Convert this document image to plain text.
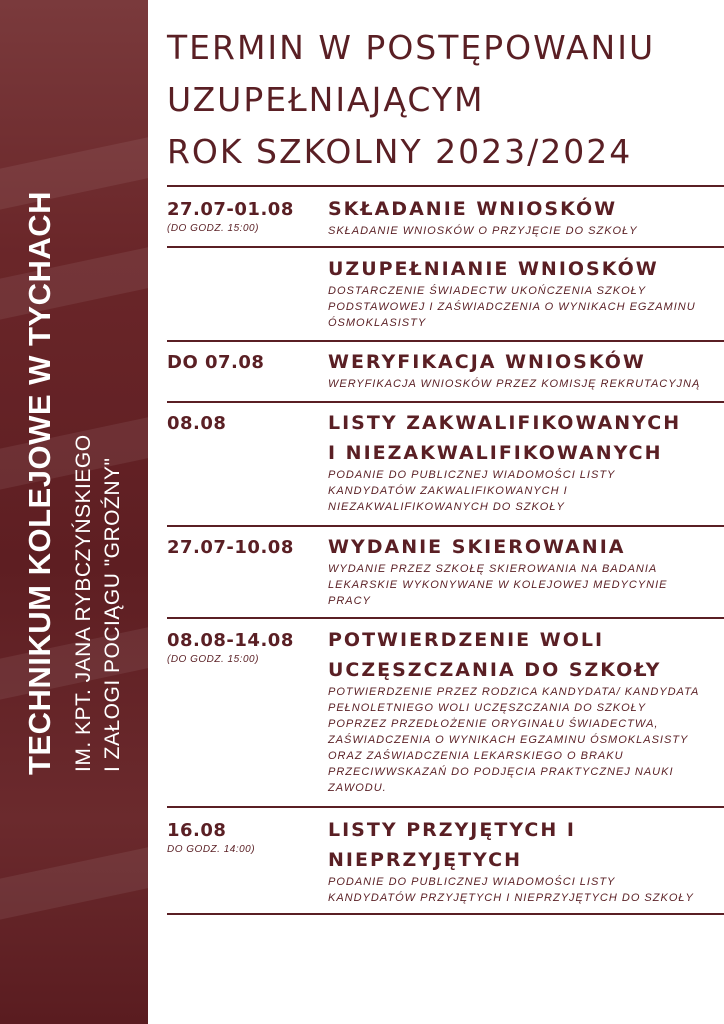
TECHNIKUM KOLEJOWE W TYCHACH IM. KPT. JANA RYBCZYŃSKIEGO I ZAŁOGI POCIĄGU "GROŹNY"
TERMIN W POSTĘPOWANIU
UZUPEŁNIAJĄCYM
ROK SZKOLNY 2023/2024
27.07-01.08
(DO GODZ. 15:00)
SKŁADANIE WNIOSKÓW
SKŁADANIE WNIOSKÓW O PRZYJĘCIE DO SZKOŁY
UZUPEŁNIANIE WNIOSKÓW
DOSTARCZENIE ŚWIADECTW UKOŃCZENIA SZKOŁY
PODSTAWOWEJ I ZAŚWIADCZENIA O WYNIKACH EGZAMINU
ÓSMOKLASISTY
DO 07.08	WERYFIKACJA WNIOSKÓW
WERYFIKACJA WNIOSKÓW PRZEZ KOMISJĘ REKRUTACYJNĄ
08.08	LISTY ZAKWALIFIKOWANYCH
I NIEZAKWALIFIKOWANYCH
PODANIE DO PUBLICZNEJ WIADOMOŚCI LISTY
KANDYDATÓW ZAKWALIFIKOWANYCH I
NIEZAKWALIFIKOWANYCH DO SZKOŁY
27.07-10.08 WYDANIE SKIEROWANIA
WYDANIE PRZEZ SZKOŁĘ SKIEROWANIA NA BADANIA
LEKARSKIE WYKONYWANE W KOLEJOWEJ MEDYCYNIE
PRACY
08.08-14.08
(DO GODZ. 15:00)
POTWIERDZENIE WOLI
UCZĘSZCZANIA DO SZKOŁY
POTWIERDZENIE PRZEZ RODZICA KANDYDATA/ KANDYDATA
PEŁNOLETNIEGO WOLI UCZĘSZCZANIA DO SZKOŁY
POPRZEZ PRZEDŁOŻENIE ORYGINAŁU ŚWIADECTWA,
ZAŚWIADCZENIA O WYNIKACH EGZAMINU ÓSMOKLASISTY
ORAZ ZAŚWIADCZENIA LEKARSKIEGO O BRAKU
PRZECIWWSKAZAŃ DO PODJĘCIA PRAKTYCZNEJ NAUKI
ZAWODU.
16.08
DO GODZ. 14:00)
LISTY PRZYJĘTYCH I
NIEPRZYJĘTYCH
PODANIE DO PUBLICZNEJ WIADOMOŚCI LISTY
KANDYDATÓW PRZYJĘTYCH I NIEPRZYJĘTYCH DO SZKOŁY
